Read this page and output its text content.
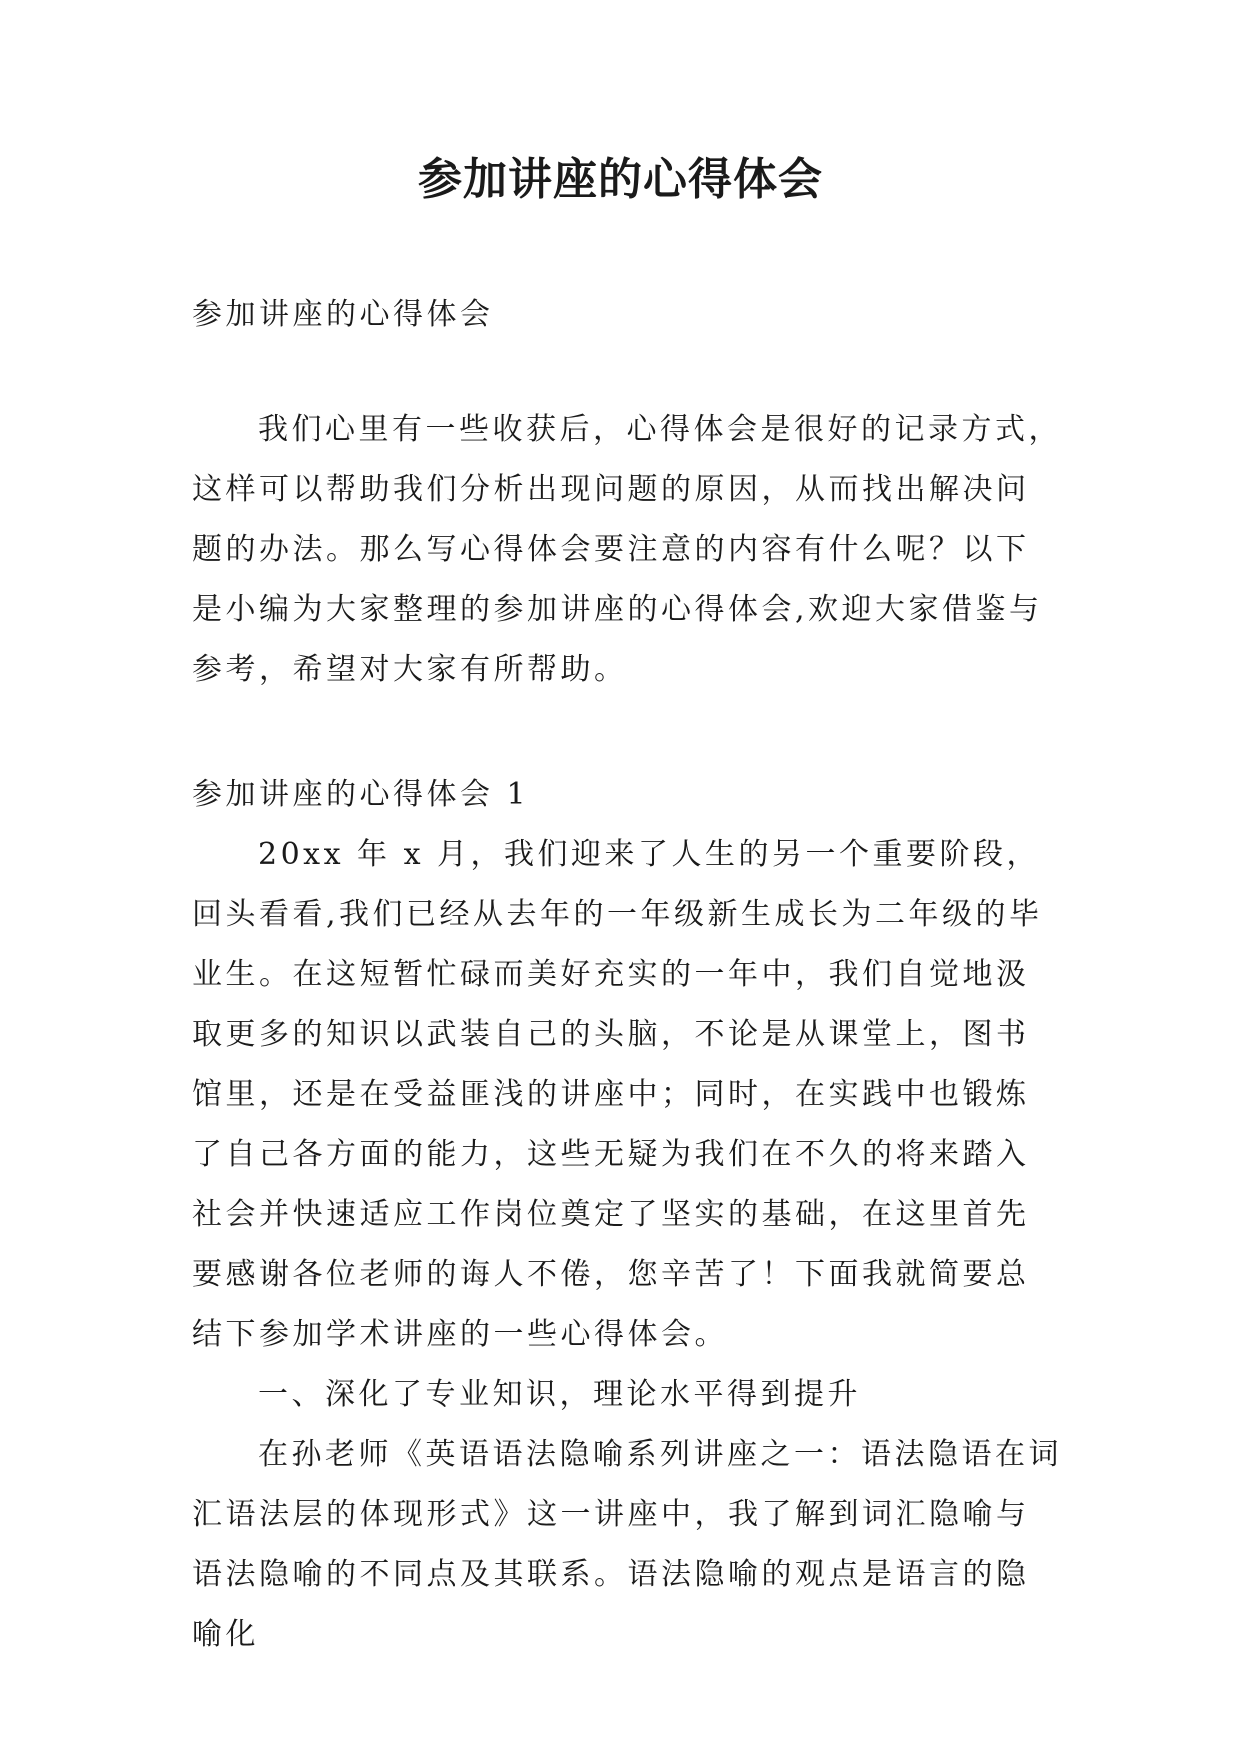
参加讲座的心得体会
参加讲座的心得体会

我们心里有一些收获后，心得体会是很好的记录方式，这样可以帮助我们分析出现问题的原因，从而找出解决问题的办法。那么写心得体会要注意的内容有什么呢？以下是小编为大家整理的参加讲座的心得体会,欢迎大家借鉴与参考，希望对大家有所帮助。

参加讲座的心得体会 1

20xx 年 x 月，我们迎来了人生的另一个重要阶段，回头看看,我们已经从去年的一年级新生成长为二年级的毕业生。在这短暂忙碌而美好充实的一年中，我们自觉地汲取更多的知识以武装自己的头脑，不论是从课堂上，图书馆里，还是在受益匪浅的讲座中；同时，在实践中也锻炼了自己各方面的能力，这些无疑为我们在不久的将来踏入社会并快速适应工作岗位奠定了坚实的基础，在这里首先要感谢各位老师的诲人不倦，您辛苦了！下面我就简要总结下参加学术讲座的一些心得体会。

一、深化了专业知识，理论水平得到提升

在孙老师《英语语法隐喻系列讲座之一：语法隐语在词汇语法层的体现形式》这一讲座中，我了解到词汇隐喻与语法隐喻的不同点及其联系。语法隐喻的观点是语言的隐喻化
